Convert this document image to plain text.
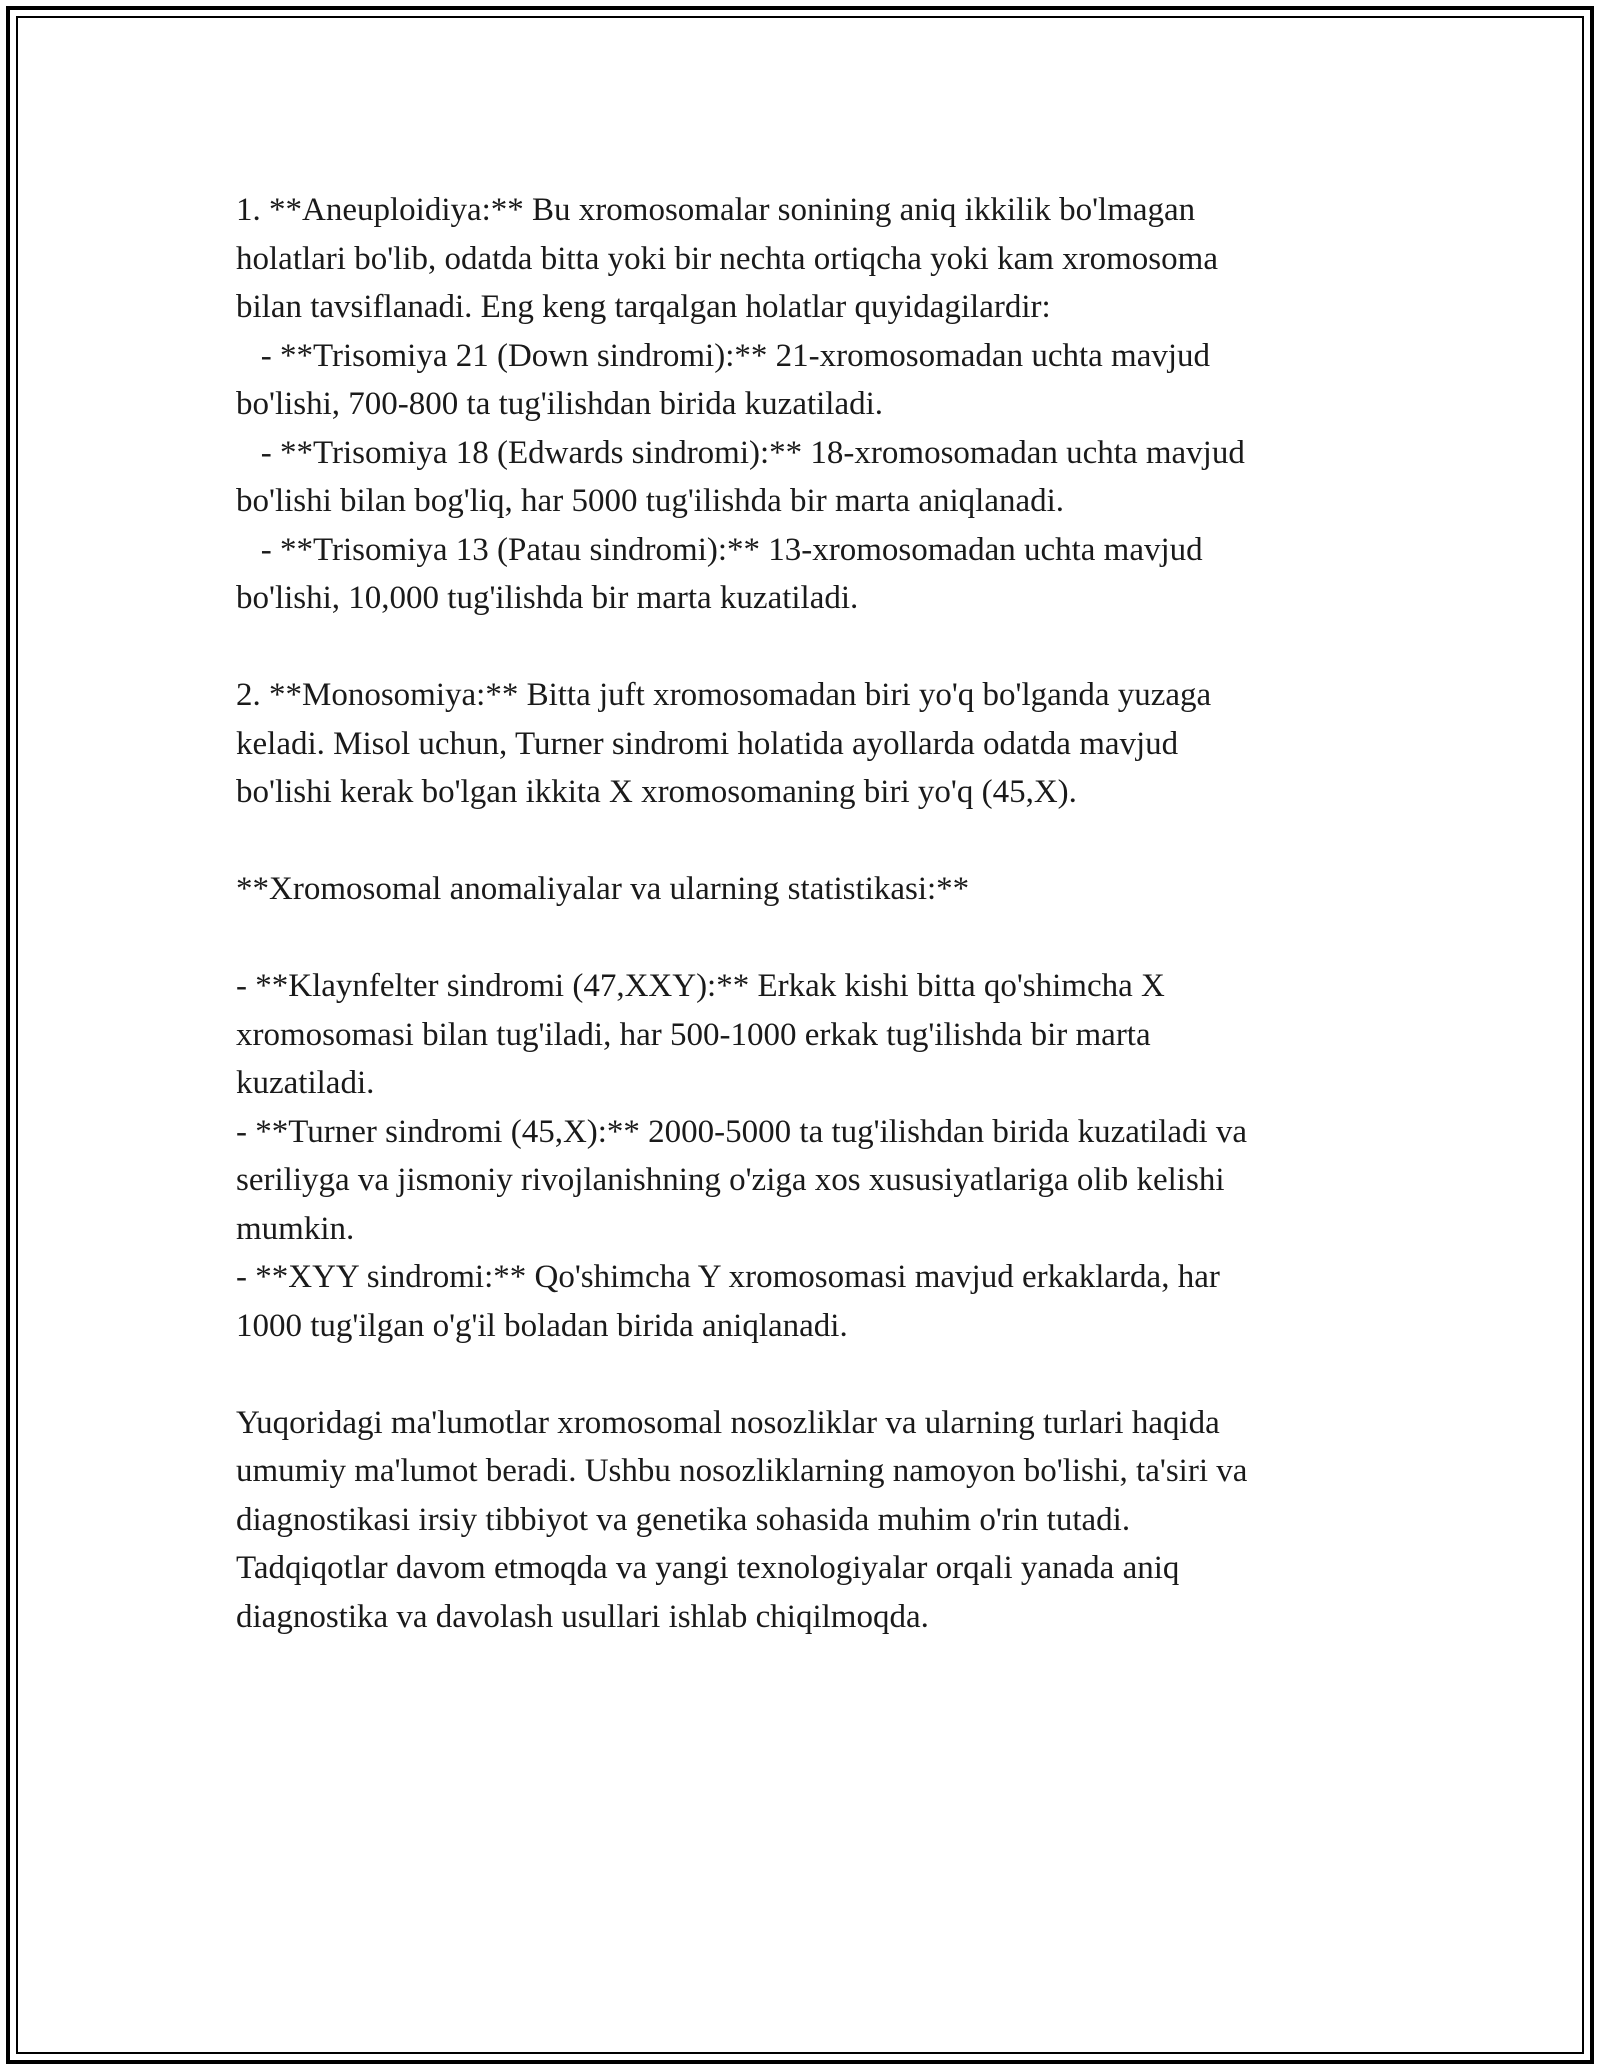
1. **Aneuploidiya:** Bu xromosomalar sonining aniq ikkilik bo'lmagan
holatlari bo'lib, odatda bitta yoki bir nechta ortiqcha yoki kam xromosoma
bilan tavsiflanadi. Eng keng tarqalgan holatlar quyidagilardir:
- **Trisomiya 21 (Down sindromi):** 21-xromosomadan uchta mavjud
bo'lishi, 700-800 ta tug'ilishdan birida kuzatiladi.
- **Trisomiya 18 (Edwards sindromi):** 18-xromosomadan uchta mavjud
bo'lishi bilan bog'liq, har 5000 tug'ilishda bir marta aniqlanadi.
- **Trisomiya 13 (Patau sindromi):** 13-xromosomadan uchta mavjud
bo'lishi, 10,000 tug'ilishda bir marta kuzatiladi.

2. **Monosomiya:** Bitta juft xromosomadan biri yo'q bo'lganda yuzaga
keladi. Misol uchun, Turner sindromi holatida ayollarda odatda mavjud
bo'lishi kerak bo'lgan ikkita X xromosomaning biri yo'q (45,X).

**Xromosomal anomaliyalar va ularning statistikasi:**

- **Klaynfelter sindromi (47,XXY):** Erkak kishi bitta qo'shimcha X
xromosomasi bilan tug'iladi, har 500-1000 erkak tug'ilishda bir marta
kuzatiladi.
- **Turner sindromi (45,X):** 2000-5000 ta tug'ilishdan birida kuzatiladi va
seriliyga va jismoniy rivojlanishning o'ziga xos xususiyatlariga olib kelishi
mumkin.
- **XYY sindromi:** Qo'shimcha Y xromosomasi mavjud erkaklarda, har
1000 tug'ilgan o'g'il boladan birida aniqlanadi.

Yuqoridagi ma'lumotlar xromosomal nosozliklar va ularning turlari haqida
umumiy ma'lumot beradi. Ushbu nosozliklarning namoyon bo'lishi, ta'siri va
diagnostikasi irsiy tibbiyot va genetika sohasida muhim o'rin tutadi.
Tadqiqotlar davom etmoqda va yangi texnologiyalar orqali yanada aniq
diagnostika va davolash usullari ishlab chiqilmoqda.
